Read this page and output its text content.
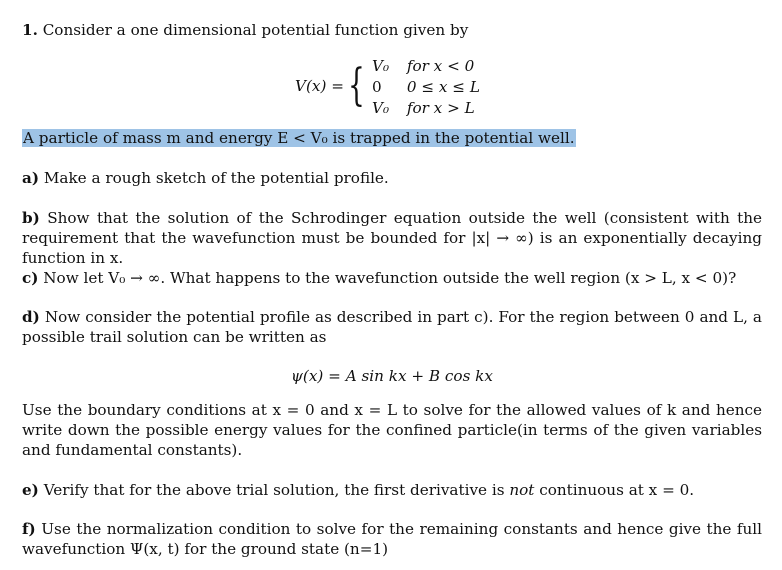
1. Consider a one dimensional potential function given by
V(x) = { V₀ for x < 0
0 0 ≤ x ≤ L
V₀ for x > L
A particle of mass m and energy E < V₀ is trapped in the potential well.
a) Make a rough sketch of the potential profile.
b) Show that the solution of the Schrodinger equation outside the well (consistent with the requirement that the wavefunction must be bounded for |x| → ∞) is an exponentially decaying function in x.
c) Now let V₀ → ∞. What happens to the wavefunction outside the well region (x > L, x < 0)?
d) Now consider the potential profile as described in part c). For the region between 0 and L, a possible trail solution can be written as
ψ(x) = A sin kx + B cos kx
Use the boundary conditions at x = 0 and x = L to solve for the allowed values of k and hence write down the possible energy values for the confined particle(in terms of the given variables and fundamental constants).
e) Verify that for the above trial solution, the first derivative is not continuous at x = 0.
f) Use the normalization condition to solve for the remaining constants and hence give the full wavefunction Ψ(x, t) for the ground state (n=1)
